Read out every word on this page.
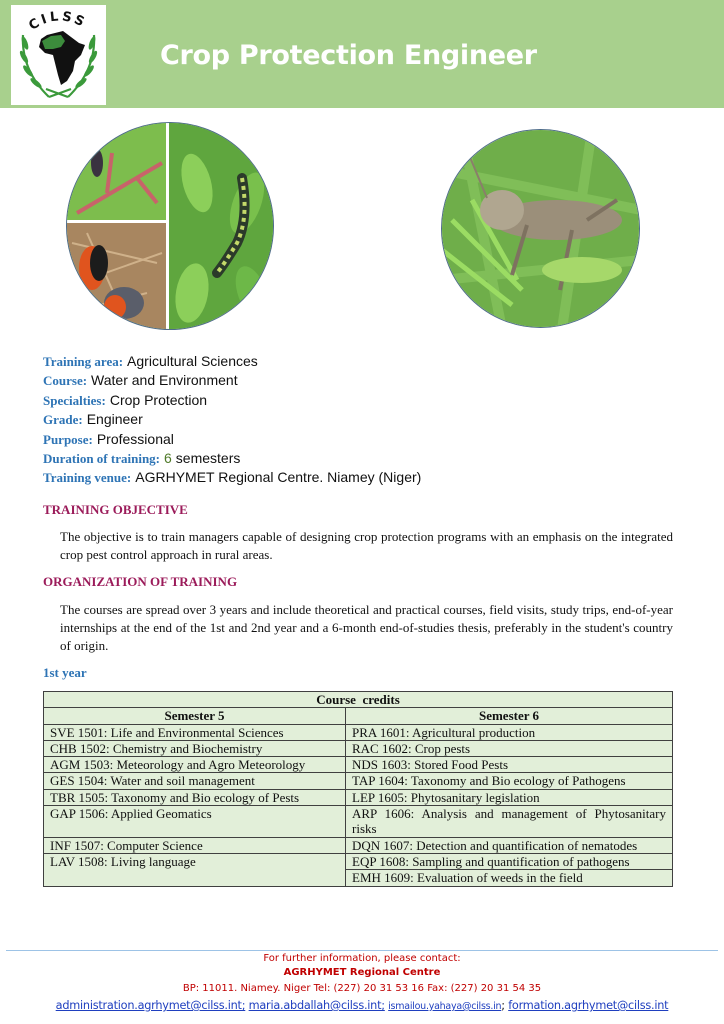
CILSS
Crop Protection Engineer
Training area: Agricultural Sciences
Course: Water and Environment
Specialties: Crop Protection
Grade: Engineer
Purpose: Professional
Duration of training: 6 semesters
Training venue: AGRHYMET Regional Centre. Niamey (Niger)
TRAINING OBJECTIVE
The objective is to train managers capable of designing crop protection programs with an emphasis on the integrated crop pest control approach in rural areas.
ORGANIZATION OF TRAINING
The courses are spread over 3 years and include theoretical and practical courses, field visits, study trips, end-of-year internships at the end of the 1st and 2nd year and a 6-month end-of-studies thesis, preferably in the student's country of origin.
1st year
Course  credits	
Semester 5	Semester 6
SVE 1501: Life and Environmental Sciences	PRA 1601: Agricultural production
CHB 1502: Chemistry and Biochemistry	RAC 1602: Crop pests
AGM 1503: Meteorology and Agro Meteorology	NDS 1603: Stored Food Pests
GES 1504: Water and soil management	TAP 1604: Taxonomy and Bio ecology of Pathogens
TBR 1505: Taxonomy and Bio ecology of Pests	LEP 1605: Phytosanitary legislation
GAP 1506: Applied Geomatics	ARP 1606: Analysis and management of Phytosanitary risks
INF 1507: Computer Science	DQN 1607: Detection and quantification of nematodes
LAV 1508: Living language	EQP 1608: Sampling and quantification of pathogens
	EMH 1609: Evaluation of weeds in the field
For further information, please contact:
AGRHYMET Regional Centre
BP: 11011. Niamey. Niger Tel: (227) 20 31 53 16 Fax: (227) 20 31 54 35
administration.agrhymet@cilss.int; maria.abdallah@cilss.int; ismailou.yahaya@cilss.in; formation.agrhymet@cilss.int
